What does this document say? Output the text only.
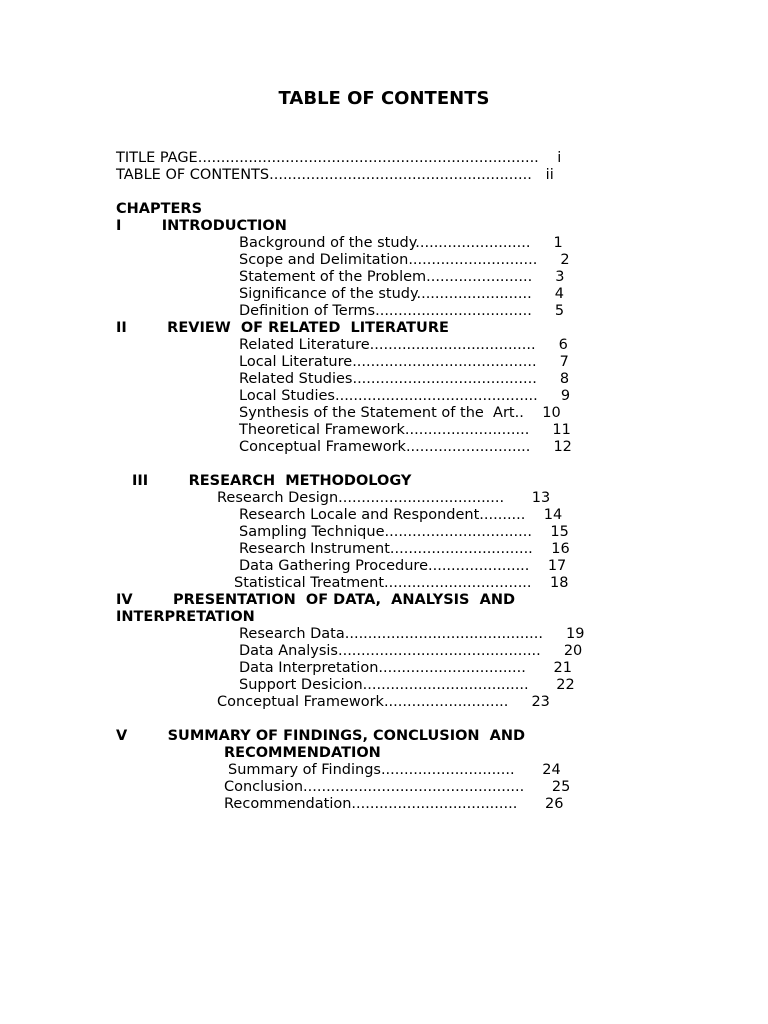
TABLE OF CONTENTS
TITLE PAGE..........................................................................    i
TABLE OF CONTENTS.........................................................   ii
CHAPTERS
I        INTRODUCTION
Background of the study.........................     1
Scope and Delimitation............................     2
Statement of the Problem.......................     3
Significance of the study.........................     4
Definition of Terms..................................     5
II        REVIEW  OF RELATED  LITERATURE
Related Literature....................................     6
Local Literature........................................     7
Related Studies........................................     8
Local Studies............................................     9
Synthesis of the Statement of the  Art..    10
Theoretical Framework...........................     11
Conceptual Framework...........................     12
III        RESEARCH  METHODOLOGY
Research Design....................................      13
Research Locale and Respondent..........    14
Sampling Technique................................    15
Research Instrument...............................    16
Data Gathering Procedure......................    17
Statistical Treatment................................    18
IV        PRESENTATION  OF DATA,  ANALYSIS  AND
INTERPRETATION
Research Data...........................................     19
Data Analysis............................................     20
Data Interpretation................................      21
Support Desicion....................................      22
Conceptual Framework...........................     23
V        SUMMARY OF FINDINGS, CONCLUSION  AND
RECOMMENDATION
Summary of Findings.............................      24
Conclusion................................................      25
Recommendation....................................      26
